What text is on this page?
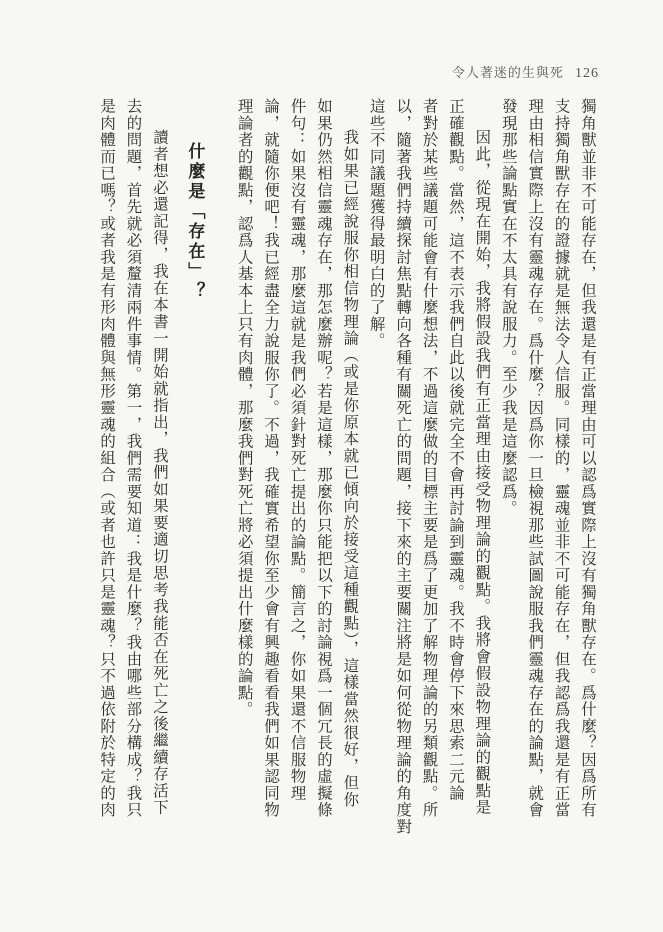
令人著迷的生與死 126

獨角獸並非不可能存在，但我還是有正當理由可以認爲實際上沒有獨角獸存在。爲什麼？因爲所有

支持獨角獸存在的證據就是無法令人信服。同樣的，靈魂並非不可能存在，但我認爲我還是有正當

理由相信實際上沒有靈魂存在。爲什麼？因爲你一旦檢視那些試圖說服我們靈魂存在的論點，就會

發現那些論點實在不太具有說服力。至少我是這麼認爲。

因此，從現在開始，我將假設我們有正當理由接受物理論的觀點。我將會假設物理論的觀點是

正確觀點。當然，這不表示我們自此以後就完全不會再討論到靈魂。我不時會停下來思索二元論

者對於某些議題可能會有什麼想法，不過這麼做的目標主要是爲了更加了解物理論的另類觀點。所

以，隨著我們持續探討焦點轉向各種有關死亡的問題，接下來的主要關注將是如何從物理論的角度對

這些不同議題獲得最明白的了解。

我如果已經說服你相信物理論（或是你原本就已傾向於接受這種觀點），這樣當然很好，但你

如果仍然相信靈魂存在，那怎麼辦呢？若是這樣，那麼你只能把以下的討論視爲一個冗長的虛擬條

件句：如果沒有靈魂，那麼這就是我們必須針對死亡提出的論點。簡言之，你如果還不信服物理

論，就隨你便吧！我已經盡全力說服你了。不過，我確實希望你至少會有興趣看看我們如果認同物

理論者的觀點，認爲人基本上只有肉體，那麼我們對死亡將必須提出什麼樣的論點。

什麼是「存在」？

讀者想必還記得，我在本書一開始就指出，我們如果要適切思考我能否在死亡之後繼續存活下

去的問題，首先就必須釐清兩件事情。第一，我們需要知道：我是什麼？我由哪些部分構成？我只

是肉體而已嗎？或者我是有形肉體與無形靈魂的組合（或者也許只是靈魂？只不過依附於特定的肉
